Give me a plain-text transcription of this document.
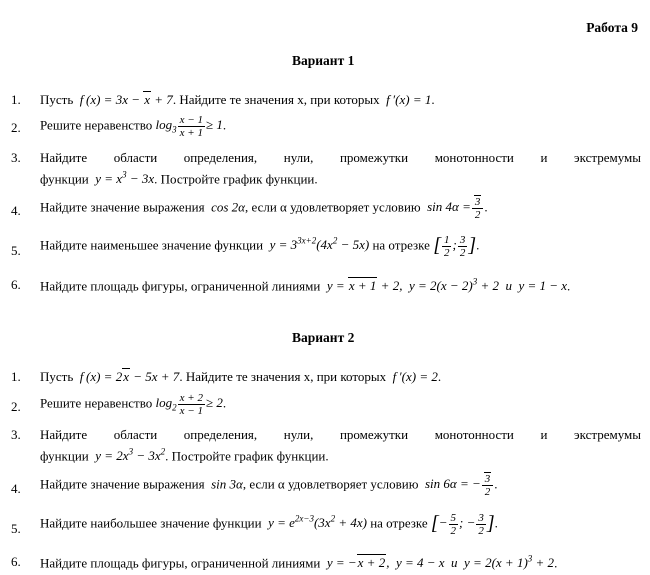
Работа 9
Вариант 1
1. Пусть  f (x) = 3x − x + 7. Найдите те значения x, при которых  f ′(x) = 1.
2. Решите неравенство $\log_3 \frac{x - 1}{x + 1} \ge 1$.
3. Найдите области определения, нули, промежутки монотонности и экстремумы
функции  $y = x^3 - 3x$. Постройте график функции.
4. Найдите значение выражения  cos 2α, если α удовлетворяет условию  $\sin 4\alpha = \frac{3}{2}$ .
5. Найдите наименьшее значение функции  $y = 3^{3x+2}(4x^2 - 5x)$ на отрезке [ $\frac{1}{2}$ ; $\frac{3}{2}$ ].
6. Найдите площадь фигуры, ограниченной линиями  y = x + 1 + 2,  $y = 2(x - 2)^3 + 2$  и  y = 1 − x.
Вариант 2
1. Пусть  f (x) = 2x − 5x + 7. Найдите те значения x, при которых  f ′(x) = 2.
2. Решите неравенство $\log_2 \frac{x + 2}{x - 1} \ge 2$.
3. Найдите области определения, нули, промежутки монотонности и экстремумы
функции  $y = 2x^3 - 3x^2$. Постройте график функции.
4. Найдите значение выражения  sin 3α, если α удовлетворяет условию  sin 6α = − $\frac{3}{2}$ .
5. Найдите наибольшее значение функции  $y = e^{2x-3}(3x^2 + 4x)$ на отрезке [− $\frac{5}{2}$ ; − $\frac{3}{2}$ ].
6. Найдите площадь фигуры, ограниченной линиями  y = −x + 2,  y = 4 − x  и  $y = 2(x + 1)^3 + 2$.
